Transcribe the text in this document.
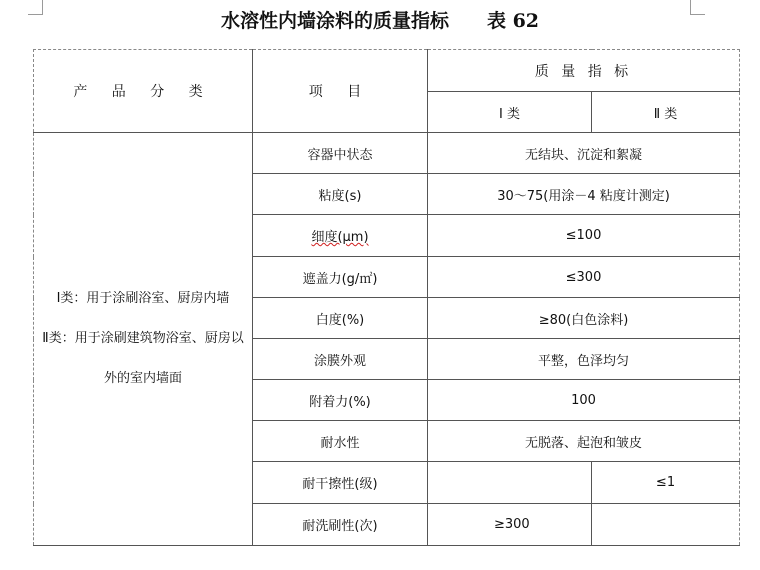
水溶性内墙涂料的质量指标 表 62
产 品 分 类	项 目	质 量 指 标	
		Ⅰ 类	Ⅱ 类

Ⅰ类：用于涂刷浴室、厨房内墙
Ⅱ类：用于涂刷建筑物浴室、厨房以
外的室内墙面	容器中状态	无结块、沉淀和絮凝	
	粘度(s)	30～75(用涂－4 粘度计测定)	
	细度(μm)	≤100	
	遮盖力(g/㎡)	≤300	
	白度(%)	≥80(白色涂料)	
	涂膜外观	平整，色泽均匀	
	附着力(%)	100	
	耐水性	无脱落、起泡和皱皮	
	耐干擦性(级)		≤1
	耐洗刷性(次)	≥300	
